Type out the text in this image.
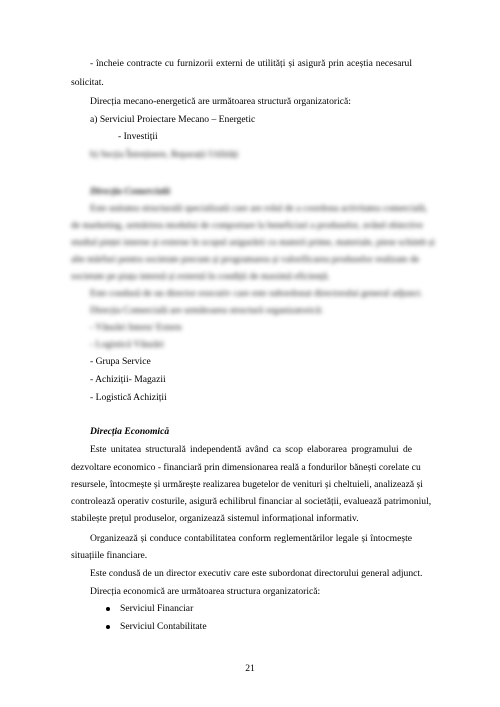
- încheie contracte cu furnizorii externi de utilități și asigură prin aceștia necesarul
solicitat.
Direcția mecano-energetică are următoarea structură organizatorică:
a) Serviciul Proiectare Mecano – Energetic
- Investiții
b) Secția Întreținere, Reparații Utilități
Direcția Comercială
Este unitatea structurală specializată care are rolul de a coordona activitatea comercială,
de marketing, urmărirea modului de comportare la beneficiari a produselor, având obiective
studiul pieței interne și externe în scopul asigurării cu materii prime, materiale, piese schimb și
alte mărfuri pentru societate precum și programarea și valorificarea produselor realizate de
societate pe piața internă și externă în condiții de maximă eficiență.
Este condusă de un director executiv care este subordonat directorului general adjunct.
Direcția Comercială are următoarea structură organizatorică:
- Vânzări Intern/ Extern
- Logistică Vânzări
- Grupa Service
- Achiziții- Magazii
- Logistică Achiziții
Direcția Economică
Este unitatea structurală independentă având ca scop elaborarea programului de
dezvoltare economico - financiară prin dimensionarea reală a fondurilor bănești corelate cu
resursele, întocmește și urmărește realizarea bugetelor de venituri și cheltuieli, analizează și
controlează operativ costurile, asigură echilibrul financiar al societății, evaluează patrimoniul,
stabilește prețul produselor, organizează sistemul informațional informativ.
Organizează și conduce contabilitatea conform reglementărilor legale și întocmește
situațiile financiare.
Este condusă de un director executiv care este subordonat directorului general adjunct.
Direcția economică are următoarea structura organizatorică:
Serviciul Financiar
Serviciul Contabilitate
21
